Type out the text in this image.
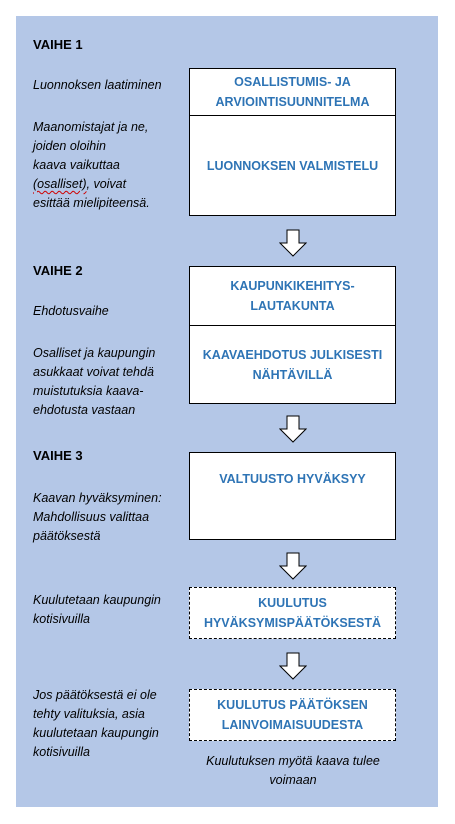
VAIHE 1
VAIHE 2
VAIHE 3
Luonnoksen laatiminen
Maanomistajat ja ne,
joiden oloihin
kaava vaikuttaa
(osalliset), voivat
esittää mielipiteensä.
Ehdotusvaihe
Osalliset ja kaupungin
asukkaat voivat tehdä
muistutuksia kaava-
ehdotusta vastaan
Kaavan hyväksyminen:
Mahdollisuus valittaa
päätöksestä
Kuulutetaan kaupungin
kotisivuilla
Jos päätöksestä ei ole
tehty valituksia, asia
kuulutetaan kaupungin
kotisivuilla
OSALLISTUMIS- JA
ARVIOINTISUUNNITELMA
LUONNOKSEN VALMISTELU
KAUPUNKIKEHITYS-
LAUTAKUNTA
KAAVAEHDOTUS JULKISESTI
NÄHTÄVILLÄ
VALTUUSTO HYVÄKSYY
KUULUTUS
HYVÄKSYMISPÄÄTÖKSESTÄ
KUULUTUS PÄÄTÖKSEN
LAINVOIMAISUUDESTA
Kuulutuksen myötä kaava tulee
voimaan
